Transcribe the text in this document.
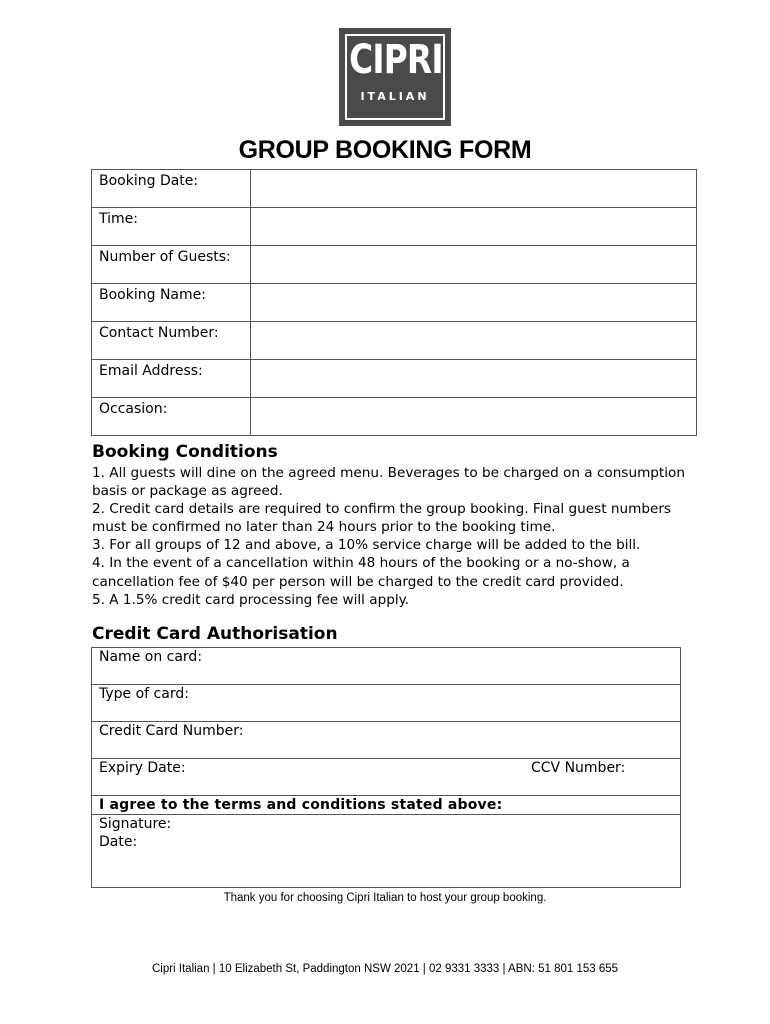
CIPRI
ITALIAN
GROUP BOOKING FORM
Booking Date:	
Time:	
Number of Guests:	
Booking Name:	
Contact Number:	
Email Address:	
Occasion:	
Booking Conditions

1. All guests will dine on the agreed menu. Beverages to be charged on a consumption basis or package as agreed.

2. Credit card details are required to confirm the group booking. Final guest numbers must be confirmed no later than 24 hours prior to the booking time.

3. For all groups of 12 and above, a 10% service charge will be added to the bill.

4. In the event of a cancellation within 48 hours of the booking or a no-show, a cancellation fee of $40 per person will be charged to the credit card provided.

5. A 1.5% credit card processing fee will apply.

Credit Card Authorisation
Name on card:
Type of card:
Credit Card Number:
Expiry Date:	CCV Number:

I agree to the terms and conditions stated above:

Signature:
Date:
Thank you for choosing Cipri Italian to host your group booking.
Cipri Italian | 10 Elizabeth St, Paddington NSW 2021 | 02 9331 3333 | ABN: 51 801 153 655
